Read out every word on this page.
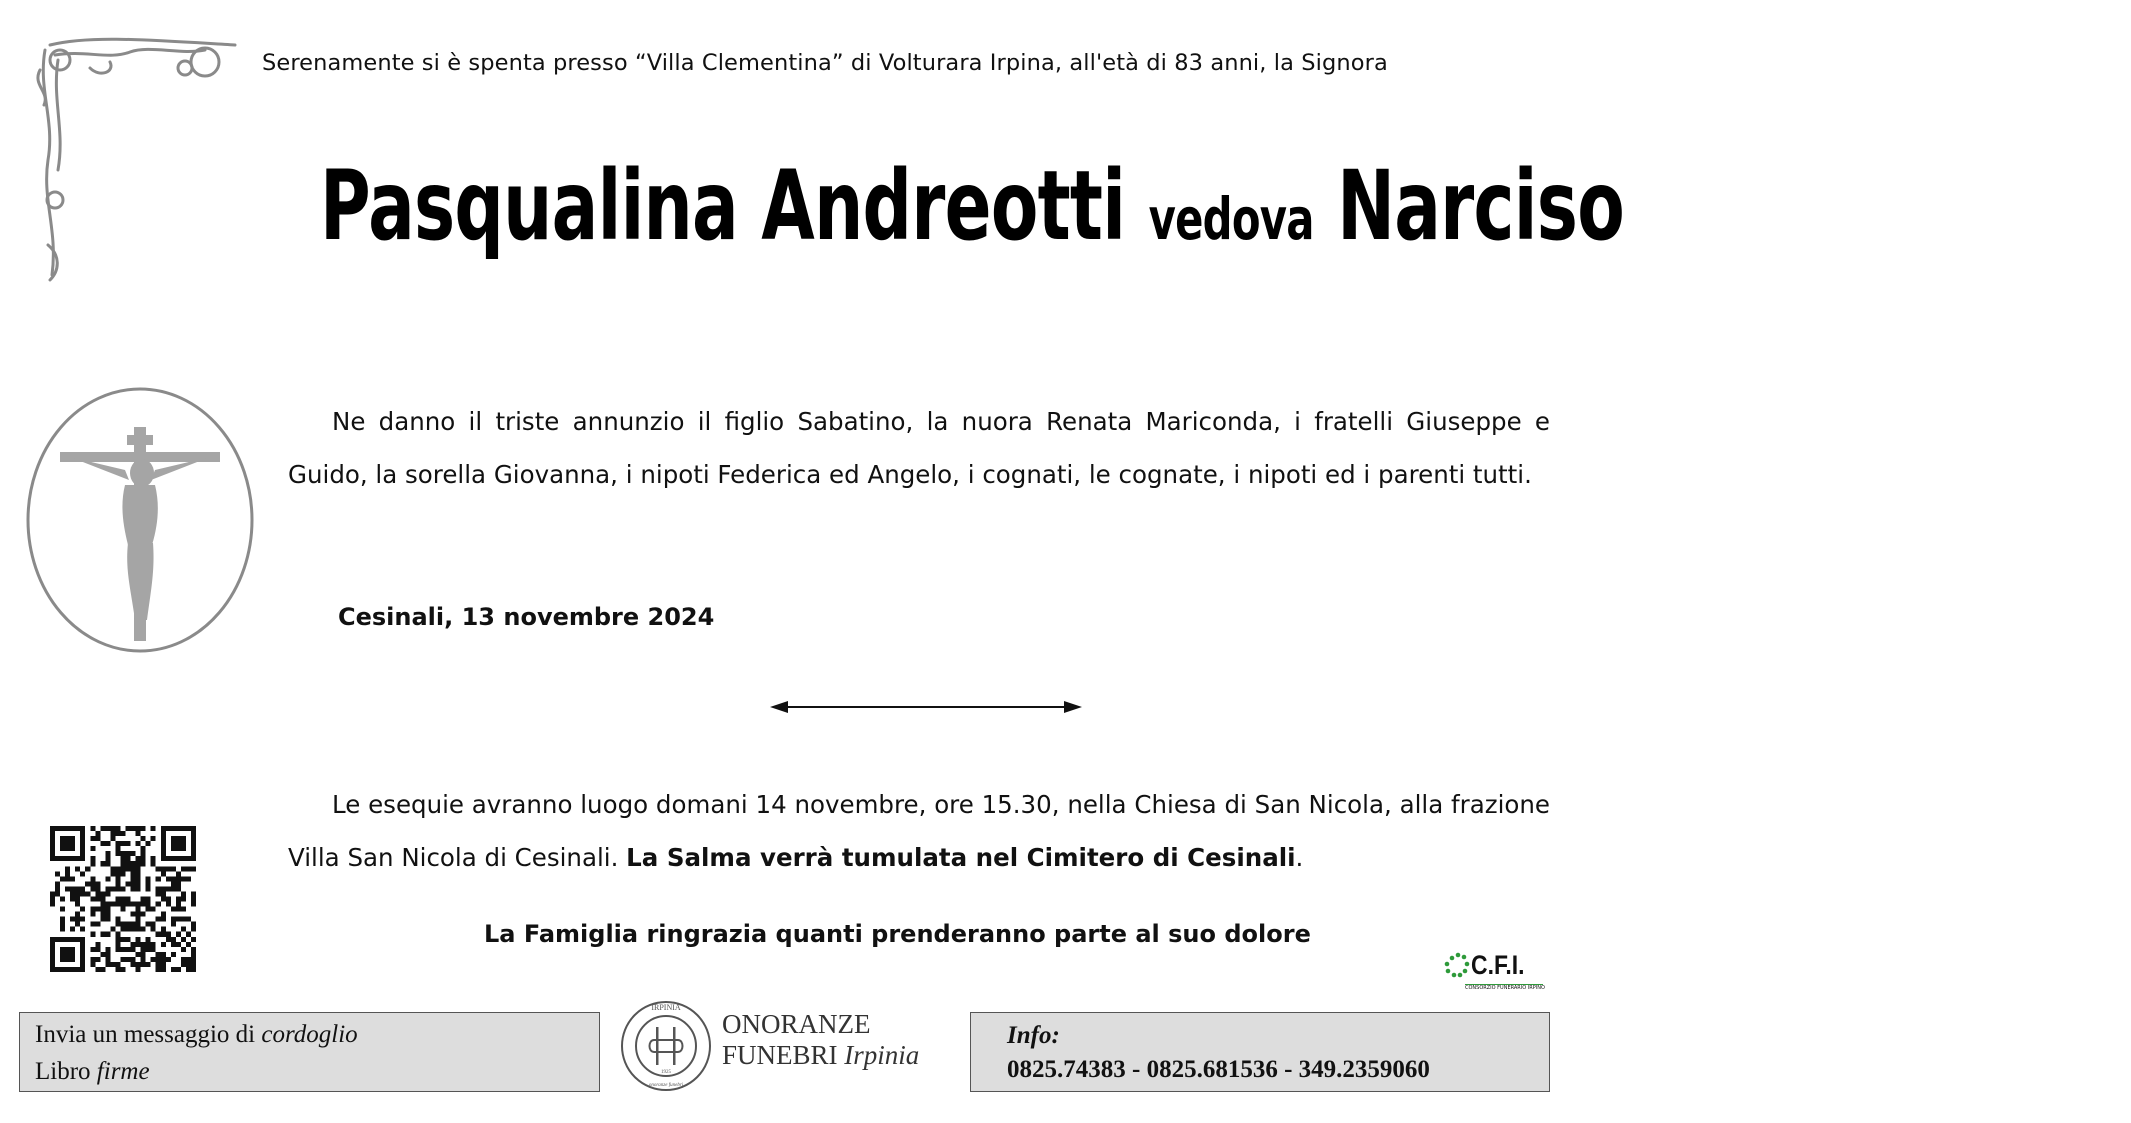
Serenamente si è spenta presso “Villa Clementina” di Volturara Irpina, all'età di 83 anni, la Signora
Pasqualina Andreotti vedova Narciso
Ne danno il triste annunzio il figlio Sabatino, la nuora Renata Mariconda, i fratelli Giuseppe e Guido, la sorella Giovanna, i nipoti Federica ed Angelo, i cognati, le cognate, i nipoti ed i parenti tutti.
Cesinali, 13 novembre 2024
Le esequie avranno luogo domani 14 novembre, ore 15.30, nella Chiesa di San Nicola, alla frazione Villa San Nicola di Cesinali. La Salma verrà tumulata nel Cimitero di Cesinali.
La Famiglia ringrazia quanti prenderanno parte al suo dolore
C.F.I.
CONSORZIO FUNERARIO IRPINO
Invia un messaggio di cordoglio
Libro firme
IRPINIA
1925
onoranze funebri
ONORANZE
FUNEBRI Irpinia
Info:
0825.74383 - 0825.681536 - 349.2359060
